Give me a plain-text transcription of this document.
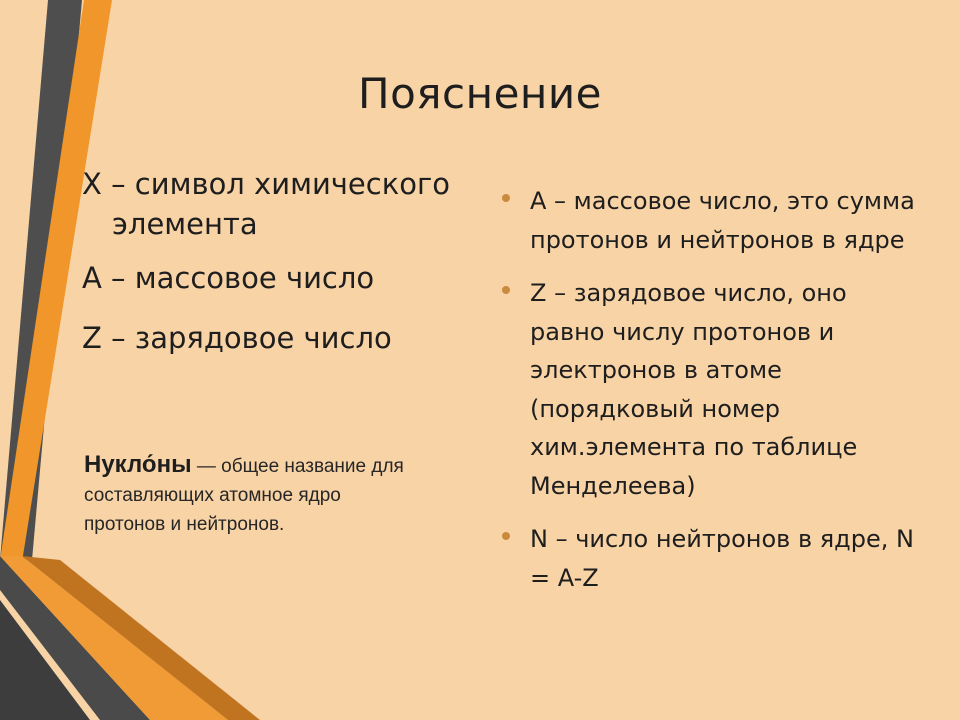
Пояснение
X – символ химического элемента
A – массовое число
Z – зарядовое число
Нукло́ны — общее название для составляющих атомное ядро протонов и нейтронов.
A – массовое число, это сумма протонов и нейтронов в ядре
Z – зарядовое число, оно равно числу протонов и электронов в атоме (порядковый номер хим.элемента по таблице Менделеева)
N – число нейтронов в ядре, N = A-Z
